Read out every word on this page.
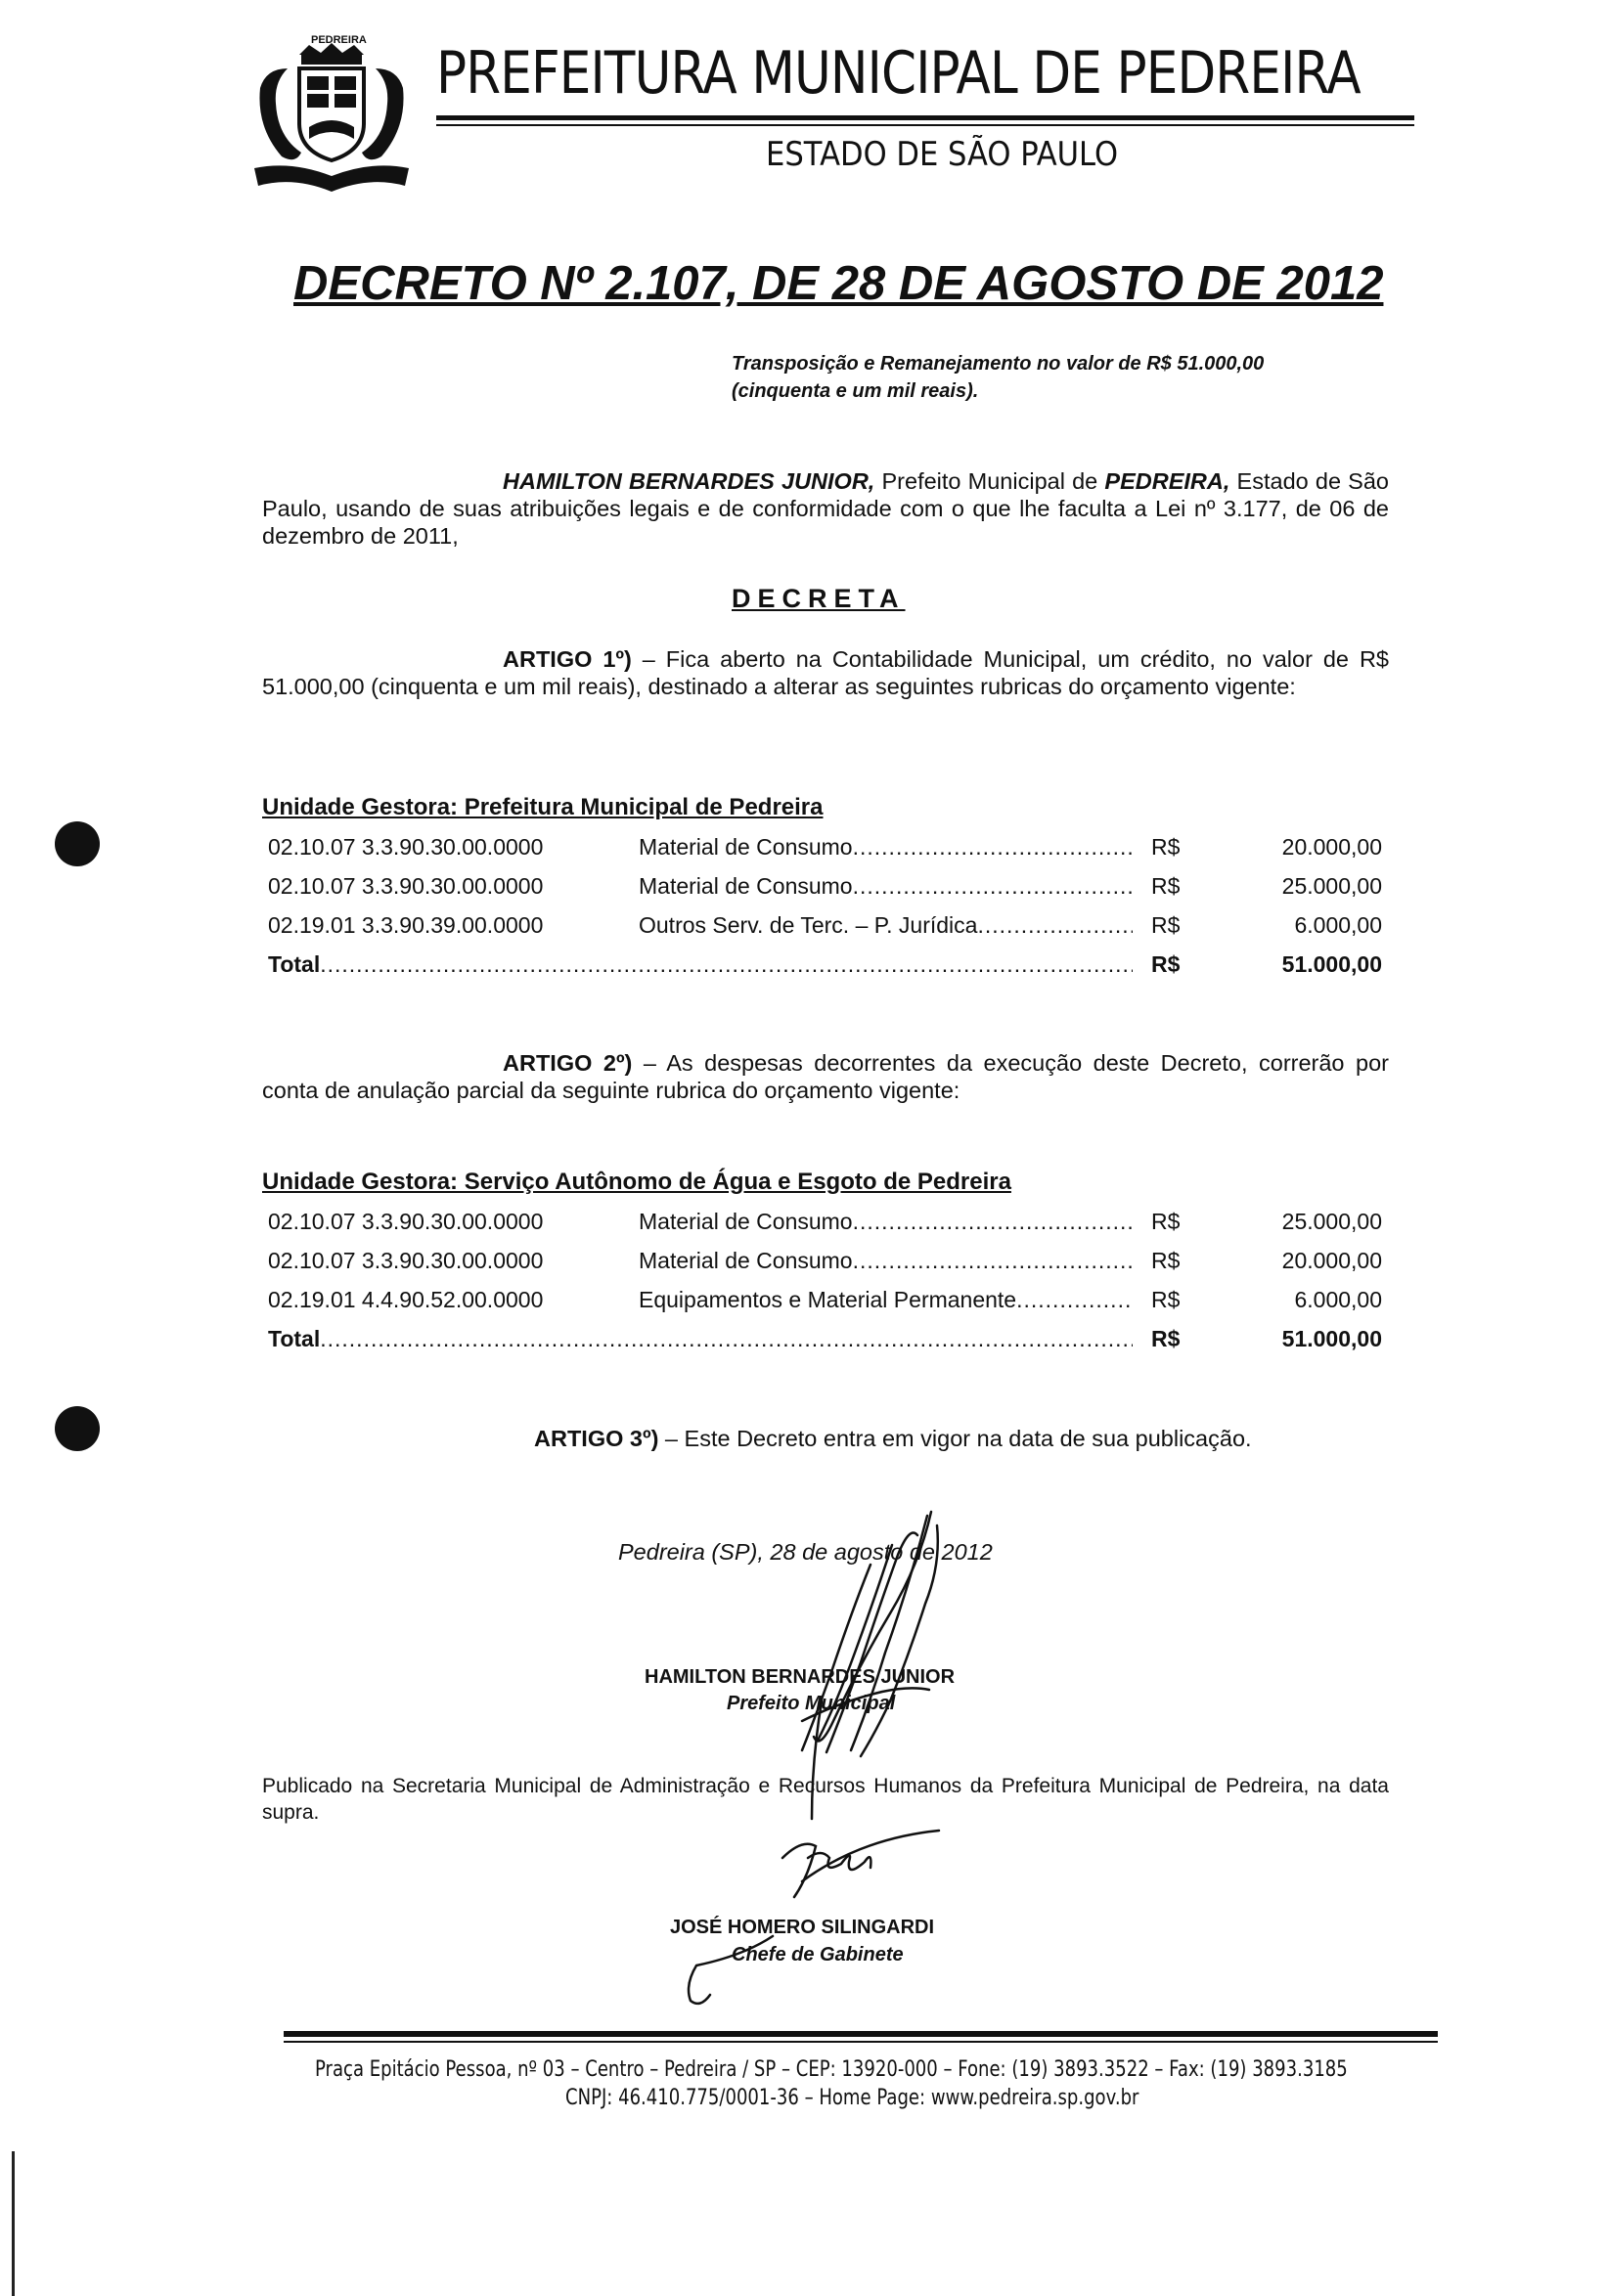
PEDREIRA PREFEITURA MUNICIPAL DE PEDREIRA
ESTADO DE SÃO PAULO
DECRETO Nº 2.107, DE 28 DE AGOSTO DE 2012
Transposição e Remanejamento no valor de R$ 51.000,00
(cinquenta e um mil reais).
HAMILTON BERNARDES JUNIOR, Prefeito Municipal de PEDREIRA, Estado de São Paulo, usando de suas atribuições legais e de conformidade com o que lhe faculta a Lei nº 3.177, de 06 de dezembro de 2011,
DECRETA
ARTIGO 1º) – Fica aberto na Contabilidade Municipal, um crédito, no valor de R$ 51.000,00 (cinquenta e um mil reais), destinado a alterar as seguintes rubricas do orçamento vigente:
Unidade Gestora: Prefeitura Municipal de Pedreira
02.10.07 3.3.90.30.00.0000	Material de Consumo .....	R$	20.000,00
02.10.07 3.3.90.30.00.0000	Material de Consumo .....	R$	25.000,00
02.19.01 3.3.90.39.00.0000	Outros Serv. de Terc. – P. Jurídica .....	R$	6.000,00
Total .....	R$	51.000,00
ARTIGO 2º) – As despesas decorrentes da execução deste Decreto, correrão por conta de anulação parcial da seguinte rubrica do orçamento vigente:
Unidade Gestora: Serviço Autônomo de Água e Esgoto de Pedreira
02.10.07 3.3.90.30.00.0000	Material de Consumo .....	R$	25.000,00
02.10.07 3.3.90.30.00.0000	Material de Consumo .....	R$	20.000,00
02.19.01 4.4.90.52.00.0000	Equipamentos e Material Permanente .....	R$	6.000,00
Total .....	R$	51.000,00
ARTIGO 3º) – Este Decreto entra em vigor na data de sua publicação.
Pedreira (SP), 28 de agosto de 2012
HAMILTON BERNARDES JUNIOR
Prefeito Municipal
Publicado na Secretaria Municipal de Administração e Recursos Humanos da Prefeitura Municipal de Pedreira, na data supra.
JOSÉ HOMERO SILINGARDI
Chefe de Gabinete
Praça Epitácio Pessoa, nº 03 – Centro – Pedreira / SP – CEP: 13920-000 – Fone: (19) 3893.3522 – Fax: (19) 3893.3185
CNPJ: 46.410.775/0001-36 – Home Page: www.pedreira.sp.gov.br
